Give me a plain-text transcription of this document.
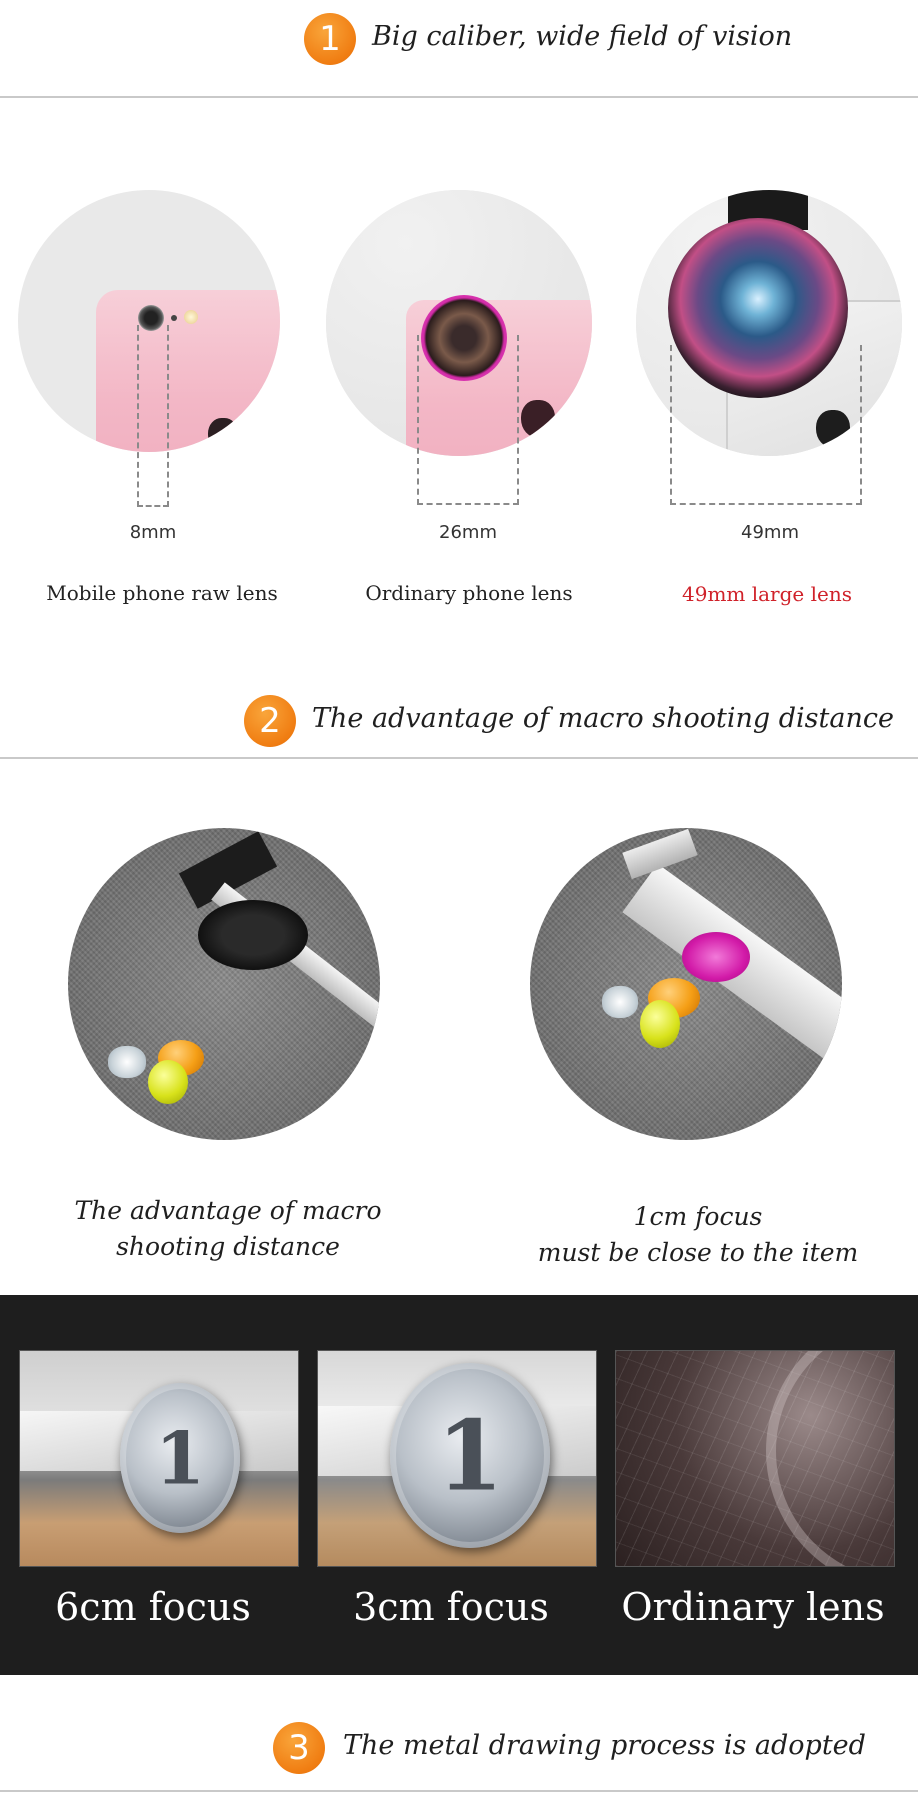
1	Big caliber, wide field of vision
8mm	26mm	49mm
Mobile phone raw lens	Ordinary phone lens	49mm large lens
2	The advantage of macro shooting distance
The advantage of macro
shooting distance
1cm focus
must be close to the item
1 1
6cm focus	3cm focus	Ordinary lens
3	The metal drawing process is adopted
